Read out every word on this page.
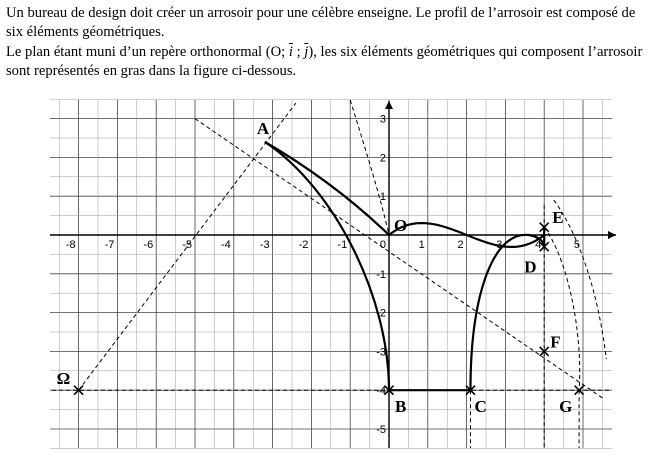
Un bureau de design doit créer un arrosoir pour une célèbre enseigne. Le profil de l’arrosoir est composé de six éléments géométriques.

Le plan étant muni d’un repère orthonormal (O; $\overline{i}$ ; $\overline{j}$), les six éléments géométriques qui composent l’arrosoir sont représentés en gras dans la figure ci-dessous.

-8	-7	-6	-5	-4	-3	-2	-1	0	1	2	3	4	5
3
2
1
-1
-2
-3
-4
-5
A
O	E
D
F
B	C	G
Ω
